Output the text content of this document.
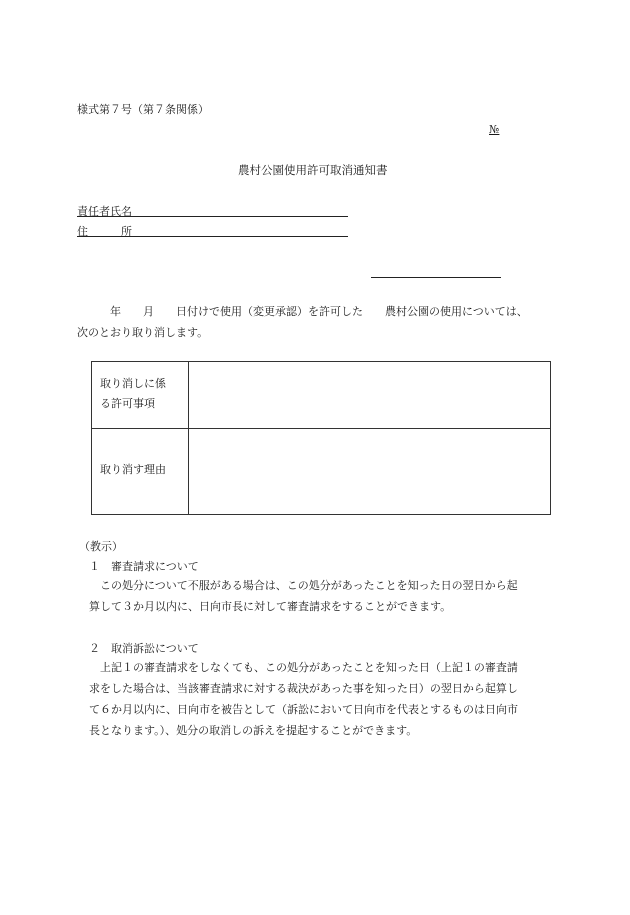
様式第７号（第７条関係）
№
農村公園使用許可取消通知書
責任者氏名
住　　　所
　　　年　　月　　日付けで使用（変更承認）を許可した　　農村公園の使用については、
次のとおり取り消します。
取り消しに係
る許可事項
取り消す理由
（教示）
１　審査請求について
　この処分について不服がある場合は、この処分があったことを知った日の翌日から起
算して３か月以内に、日向市長に対して審査請求をすることができます。
２　取消訴訟について
　上記１の審査請求をしなくても、この処分があったことを知った日（上記１の審査請
求をした場合は、当該審査請求に対する裁決があった事を知った日）の翌日から起算し
て６か月以内に、日向市を被告として（訴訟において日向市を代表とするものは日向市
長となります。）、処分の取消しの訴えを提起することができます。
